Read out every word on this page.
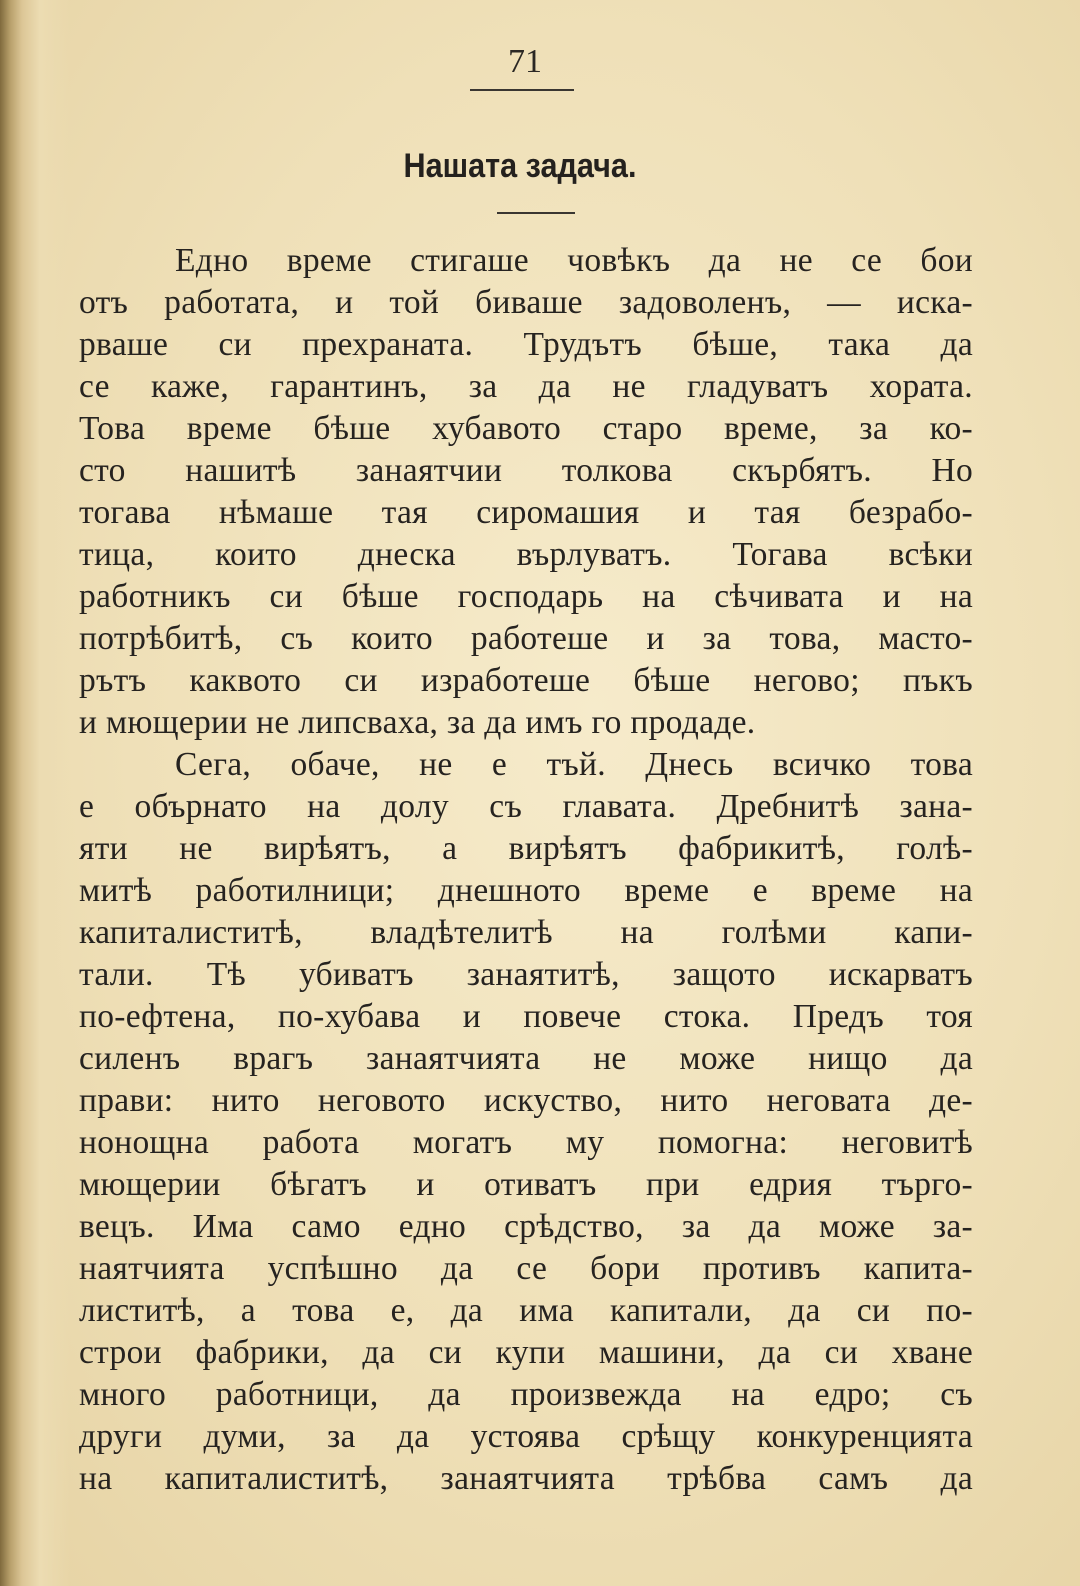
71
Нашата задача.
Едно време стигаше човѣкъ да не се бои
отъ работата, и той биваше задоволенъ, — иска-
рваше си прехраната. Трудътъ бѣше, така да
се каже, гарантинъ, за да не гладуватъ хората.
Това време бѣше хубавото старо време, за ко-
сто нашитѣ занаятчии толкова скърбятъ. Но
тогава нѣмаше тая сиромашия и тая безрабо-
тица, които днеска върлуватъ. Тогава всѣки
работникъ си бѣше господарь на сѣчивата и на
потрѣбитѣ, съ които работеше и за това, масто-
рътъ каквото си изработеше бѣше негово; пъкъ
и мющерии не липсваха, за да имъ го продаде.
Сега, обаче, не е тъй. Днесь всичко това
е обърнато на долу съ главата. Дребнитѣ зана-
яти не вирѣятъ, а вирѣятъ фабрикитѣ, голѣ-
митѣ работилници; днешното време е време на
капиталиститѣ, владѣтелитѣ на голѣми капи-
тали. Тѣ убиватъ занаятитѣ, защото искарватъ
по-ефтена, по-хубава и повече стока. Предъ тоя
силенъ врагъ занаятчията не може нищо да
прави: нито неговото искуство, нито неговата де-
нонощна работа могатъ му помогна: неговитѣ
мющерии бѣгатъ и отиватъ при едрия търго-
вецъ. Има само едно срѣдство, за да може за-
наятчията успѣшно да се бори противъ капита-
листитѣ, а това е, да има капитали, да си по-
строи фабрики, да си купи машини, да си хване
много работници, да произвежда на едро; съ
други думи, за да устоява срѣщу конкуренцията
на капиталиститѣ, занаятчията трѣбва самъ да
